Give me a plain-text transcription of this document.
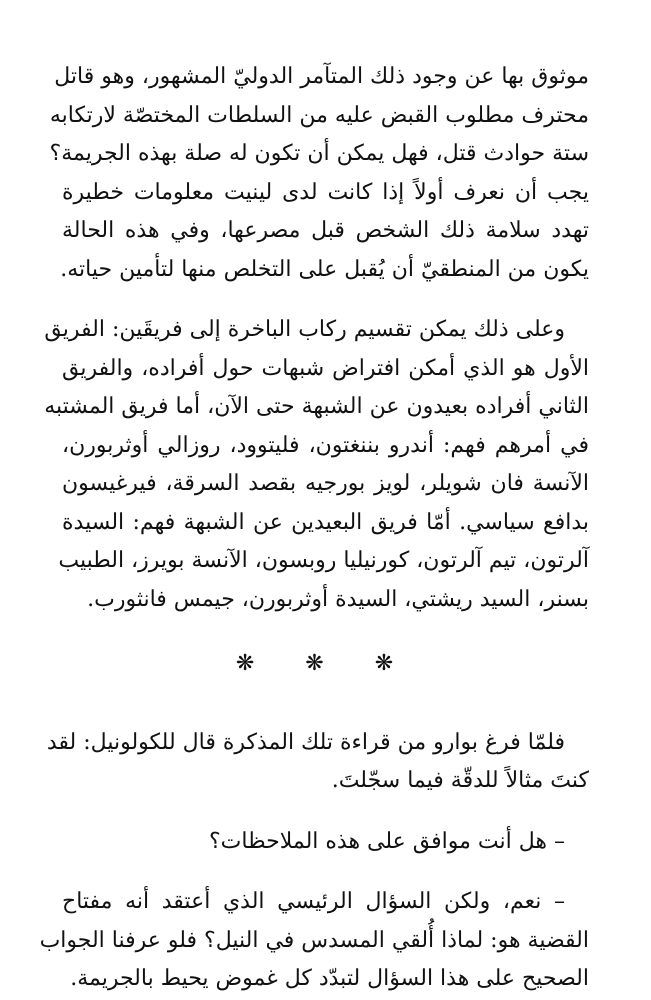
موثوق بها عن وجود ذلك المتآمر الدوليّ المشهور، وهو قاتل
محترف مطلوب القبض عليه من السلطات المختصّة لارتكابه
ستة حوادث قتل، فهل يمكن أن تكون له صلة بهذه الجريمة؟
يجب أن نعرف أولاً إذا كانت لدى لينيت معلومات خطيرة
تهدد سلامة ذلك الشخص قبل مصرعها، وفي هذه الحالة
يكون من المنطقيّ أن يُقبل على التخلص منها لتأمين حياته.
وعلى ذلك يمكن تقسيم ركاب الباخرة إلى فريقَين: الفريق
الأول هو الذي أمكن افتراض شبهات حول أفراده، والفريق
الثاني أفراده بعيدون عن الشبهة حتى الآن، أما فريق المشتبه
في أمرهم فهم: أندرو بننغتون، فليتوود، روزالي أوثربورن،
الآنسة فان شويلر، لويز بورجيه بقصد السرقة، فيرغيسون
بدافع سياسي. أمّا فريق البعيدين عن الشبهة فهم: السيدة
آلرتون، تيم آلرتون، كورنيليا روبسون، الآنسة بويرز، الطبيب
بسنر، السيد ريشتي، السيدة أوثربورن، جيمس فانثورب.
❋ ❋ ❋
فلمّا فرغ بوارو من قراءة تلك المذكرة قال للكولونيل: لقد
كنتَ مثالاً للدقّة فيما سجّلتَ.
– هل أنت موافق على هذه الملاحظات؟
– نعم، ولكن السؤال الرئيسي الذي أعتقد أنه مفتاح
القضية هو: لماذا أُلقي المسدس في النيل؟ فلو عرفنا الجواب
الصحيح على هذا السؤال لتبدّد كل غموض يحيط بالجريمة.
